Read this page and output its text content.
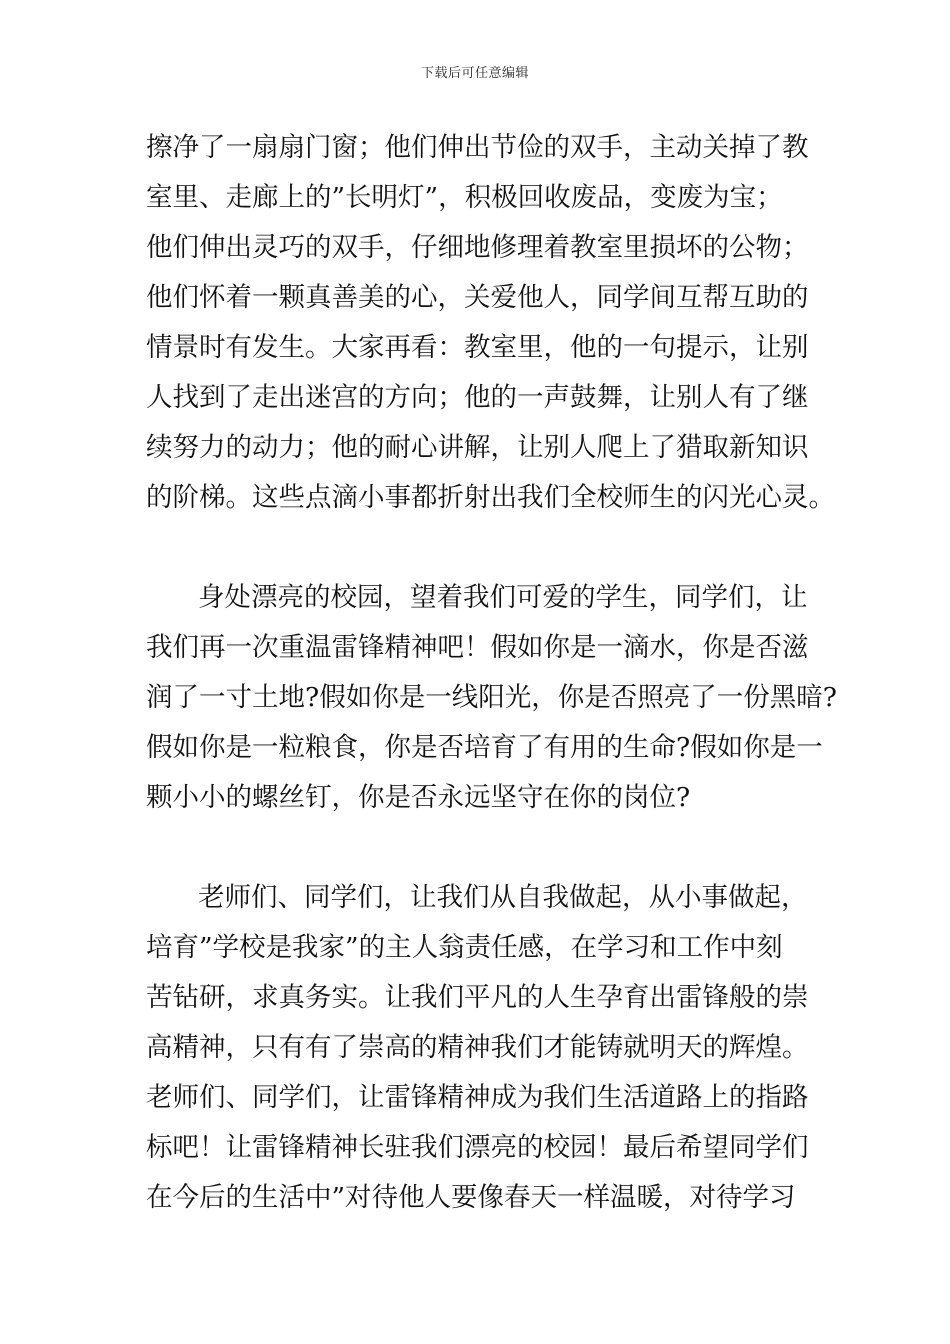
下载后可任意编辑
擦净了一扇扇门窗；他们伸出节俭的双手，主动关掉了教
室里、走廊上的”长明灯”，积极回收废品，变废为宝；
他们伸出灵巧的双手，仔细地修理着教室里损坏的公物；
他们怀着一颗真善美的心，关爱他人，同学间互帮互助的
情景时有发生。大家再看：教室里，他的一句提示，让别
人找到了走出迷宫的方向；他的一声鼓舞，让别人有了继
续努力的动力；他的耐心讲解，让别人爬上了猎取新知识
的阶梯。这些点滴小事都折射出我们全校师生的闪光心灵。
身处漂亮的校园，望着我们可爱的学生，同学们，让
我们再一次重温雷锋精神吧！假如你是一滴水，你是否滋
润了一寸土地?假如你是一线阳光，你是否照亮了一份黑暗?
假如你是一粒粮食，你是否培育了有用的生命?假如你是一
颗小小的螺丝钉，你是否永远坚守在你的岗位?
老师们、同学们，让我们从自我做起，从小事做起，
培育”学校是我家”的主人翁责任感，在学习和工作中刻
苦钻研，求真务实。让我们平凡的人生孕育出雷锋般的崇
高精神，只有有了崇高的精神我们才能铸就明天的辉煌。
老师们、同学们，让雷锋精神成为我们生活道路上的指路
标吧！让雷锋精神长驻我们漂亮的校园！最后希望同学们
在今后的生活中”对待他人要像春天一样温暖，对待学习
